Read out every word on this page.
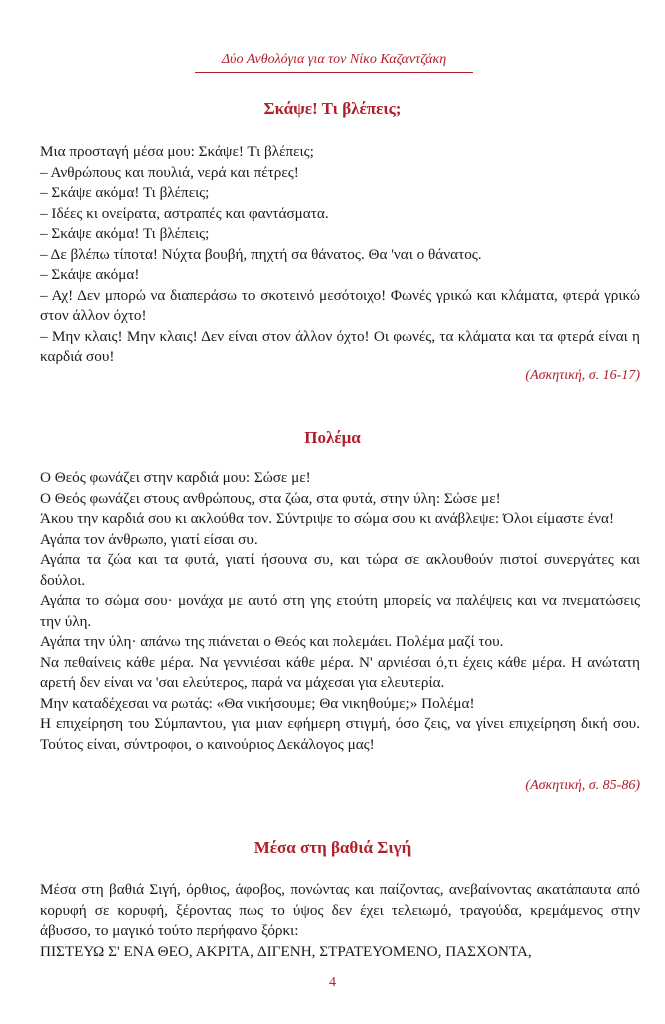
Δύο Ανθολόγια για τον Νίκο Καζαντζάκη
Σκάψε! Τι βλέπεις;

Μια προσταγή μέσα μου: Σκάψε! Τι βλέπεις;

– Ανθρώπους και πουλιά, νερά και πέτρες!

– Σκάψε ακόμα! Τι βλέπεις;

– Ιδέες κι ονείρατα, αστραπές και φαντάσματα.

– Σκάψε ακόμα! Τι βλέπεις;

– Δε βλέπω τίποτα! Νύχτα βουβή, πηχτή σα θάνατος. Θα 'ναι ο θάνατος.

– Σκάψε ακόμα!

– Αχ! Δεν μπορώ να διαπεράσω το σκοτεινό μεσότοιχο! Φωνές γρικώ και κλάματα, φτερά γρικώ στον άλλον όχτο!

– Μην κλαις! Μην κλαις! Δεν είναι στον άλλον όχτο! Οι φωνές, τα κλάματα και τα φτερά είναι η καρδιά σου!

(Ασκητική, σ. 16-17)
Πολέμα

Ο Θεός φωνάζει στην καρδιά μου: Σώσε με!

Ο Θεός φωνάζει στους ανθρώπους, στα ζώα, στα φυτά, στην ύλη: Σώσε με!

Άκου την καρδιά σου κι ακλούθα τον. Σύντριψε το σώμα σου κι ανάβλεψε: Όλοι είμαστε ένα!

Αγάπα τον άνθρωπο, γιατί είσαι συ.

Αγάπα τα ζώα και τα φυτά, γιατί ήσουνα συ, και τώρα σε ακλουθούν πιστοί συνεργάτες και δούλοι.

Αγάπα το σώμα σου· μονάχα με αυτό στη γης ετούτη μπορείς να παλέψεις και να πνεματώσεις την ύλη.

Αγάπα την ύλη· απάνω της πιάνεται ο Θεός και πολεμάει. Πολέμα μαζί του.

Να πεθαίνεις κάθε μέρα. Να γεννιέσαι κάθε μέρα. Ν' αρνιέσαι ό,τι έχεις κάθε μέρα. Η ανώτατη αρετή δεν είναι να 'σαι ελεύτερος, παρά να μάχεσαι για ελευτερία.

Μην καταδέχεσαι να ρωτάς: «Θα νικήσουμε; Θα νικηθούμε;» Πολέμα!

Η επιχείρηση του Σύμπαντου, για μιαν εφήμερη στιγμή, όσο ζεις, να γίνει επιχείρηση δική σου. Τούτος είναι, σύντροφοι, ο καινούριος Δεκάλογος μας!

(Ασκητική, σ. 85-86)
Μέσα στη βαθιά Σιγή

Μέσα στη βαθιά Σιγή, όρθιος, άφοβος, πονώντας και παίζοντας, ανεβαίνοντας ακατάπαυτα από κορυφή σε κορυφή, ξέροντας πως το ύψος δεν έχει τελειωμό, τραγούδα, κρεμάμενος στην άβυσσο, το μαγικό τούτο περήφανο ξόρκι:

ΠΙΣΤΕΥΩ Σ' ΕΝΑ ΘΕΟ, ΑΚΡΙΤΑ, ΔΙΓΕΝΗ, ΣΤΡΑΤΕΥΟΜΕΝΟ, ΠΑΣΧΟΝΤΑ,

4
